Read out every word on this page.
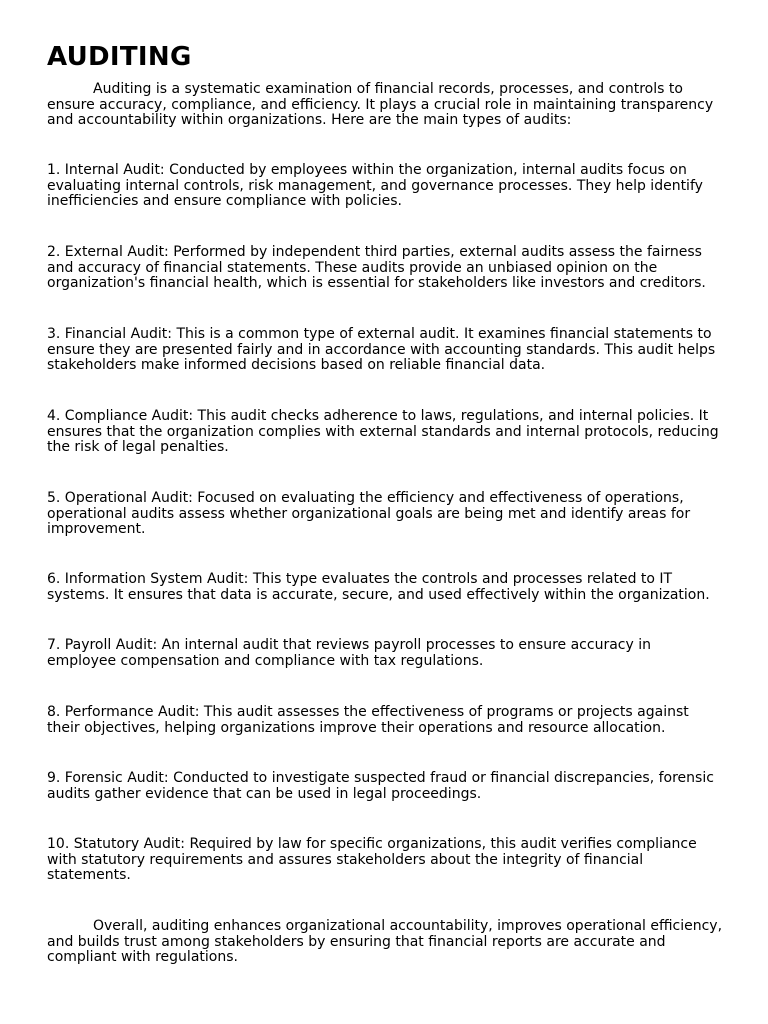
AUDITING

Auditing is a systematic examination of financial records, processes, and controls to ensure accuracy, compliance, and efficiency. It plays a crucial role in maintaining transparency and accountability within organizations. Here are the main types of audits:

1. Internal Audit: Conducted by employees within the organization, internal audits focus on evaluating internal controls, risk management, and governance processes. They help identify inefficiencies and ensure compliance with policies.

2. External Audit: Performed by independent third parties, external audits assess the fairness and accuracy of financial statements. These audits provide an unbiased opinion on the organization's financial health, which is essential for stakeholders like investors and creditors.

3. Financial Audit: This is a common type of external audit. It examines financial statements to ensure they are presented fairly and in accordance with accounting standards. This audit helps stakeholders make informed decisions based on reliable financial data.

4. Compliance Audit: This audit checks adherence to laws, regulations, and internal policies. It ensures that the organization complies with external standards and internal protocols, reducing the risk of legal penalties.

5. Operational Audit: Focused on evaluating the efficiency and effectiveness of operations, operational audits assess whether organizational goals are being met and identify areas for improvement.

6. Information System Audit: This type evaluates the controls and processes related to IT systems. It ensures that data is accurate, secure, and used effectively within the organization.

7. Payroll Audit: An internal audit that reviews payroll processes to ensure accuracy in employee compensation and compliance with tax regulations.

8. Performance Audit: This audit assesses the effectiveness of programs or projects against their objectives, helping organizations improve their operations and resource allocation.

9. Forensic Audit: Conducted to investigate suspected fraud or financial discrepancies, forensic audits gather evidence that can be used in legal proceedings.

10. Statutory Audit: Required by law for specific organizations, this audit verifies compliance with statutory requirements and assures stakeholders about the integrity of financial statements.

Overall, auditing enhances organizational accountability, improves operational efficiency, and builds trust among stakeholders by ensuring that financial reports are accurate and compliant with regulations.
